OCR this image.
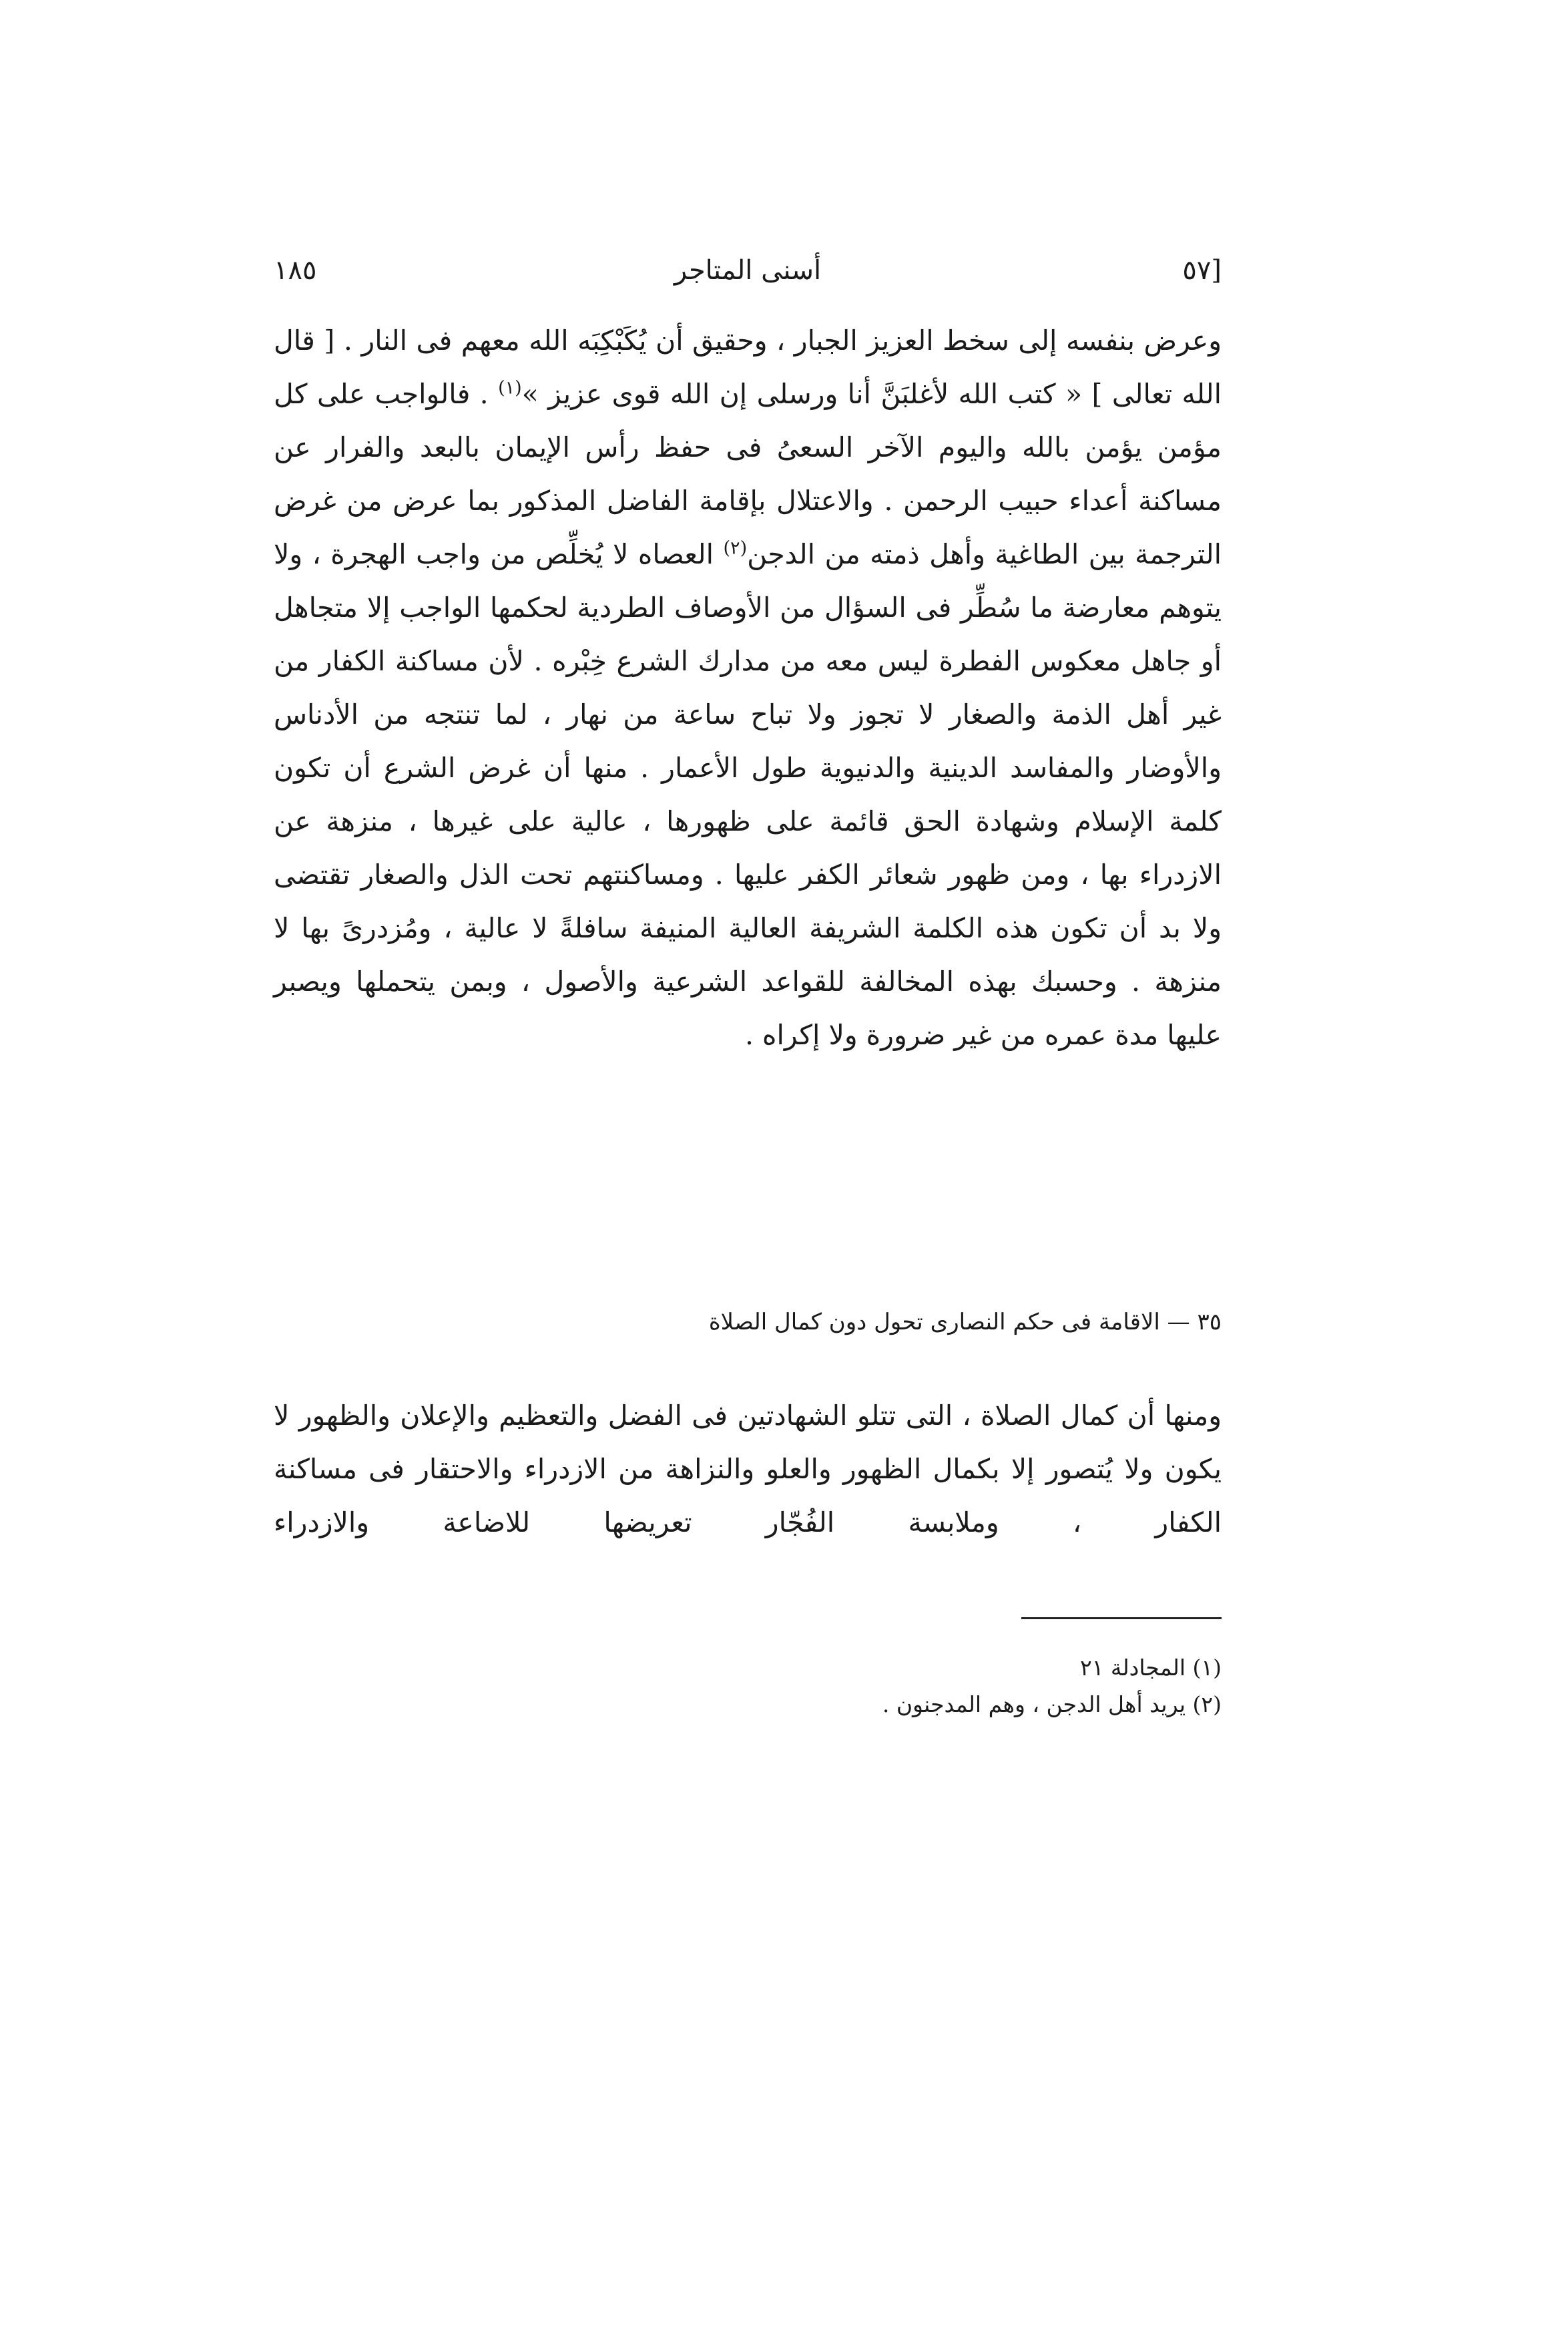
[٥٧
أسنى المتاجر
١٨٥

وعرض بنفسه إلى سخط العزيز الجبار ، وحقيق أن يُكَبْكِبَه الله معهم فى النار . [ قال الله تعالى ] « كتب الله لأغلبَنَّ أنا ورسلى إن الله قوى عزيز »$^{(١)}$ . فالواجب على كل مؤمن يؤمن بالله واليوم الآخر السعىُ فى حفظ رأس الإيمان بالبعد والفرار عن مساكنة أعداء حبيب الرحمن . والاعتلال بإقامة الفاضل المذكور بما عرض من غرض الترجمة بين الطاغية وأهل ذمته من الدجن$^{(٢)}$ العصاه لا يُخلِّص من واجب الهجرة ، ولا يتوهم معارضة ما سُطِّر فى السؤال من الأوصاف الطردية لحكمها الواجب إلا متجاهل أو جاهل معكوس الفطرة ليس معه من مدارك الشرع خِبْره . لأن مساكنة الكفار من غير أهل الذمة والصغار لا تجوز ولا تباح ساعة من نهار ، لما تنتجه من الأدناس والأوضار والمفاسد الدينية والدنيوية طول الأعمار . منها أن غرض الشرع أن تكون كلمة الإسلام وشهادة الحق قائمة على ظهورها ، عالية على غيرها ، منزهة عن الازدراء بها ، ومن ظهور شعائر الكفر عليها . ومساكنتهم تحت الذل والصغار تقتضى ولا بد أن تكون هذه الكلمة الشريفة العالية المنيفة سافلةً لا عالية ، ومُزدرىً بها لا منزهة . وحسبك بهذه المخالفة للقواعد الشرعية والأصول ، وبمن يتحملها ويصبر عليها مدة عمره من غير ضرورة ولا إكراه .

٣٥ — الاقامة فى حكم النصارى تحول دون كمال الصلاة

ومنها أن كمال الصلاة ، التى تتلو الشهادتين فى الفضل والتعظيم والإعلان والظهور لا يكون ولا يُتصور إلا بكمال الظهور والعلو والنزاهة من الازدراء والاحتقار فى مساكنة الكفار ، وملابسة الفُجّار تعريضها للاضاعة والازدراء

(١) المجادلة ٢١

(٢) يريد أهل الدجن ، وهم المدجنون .
